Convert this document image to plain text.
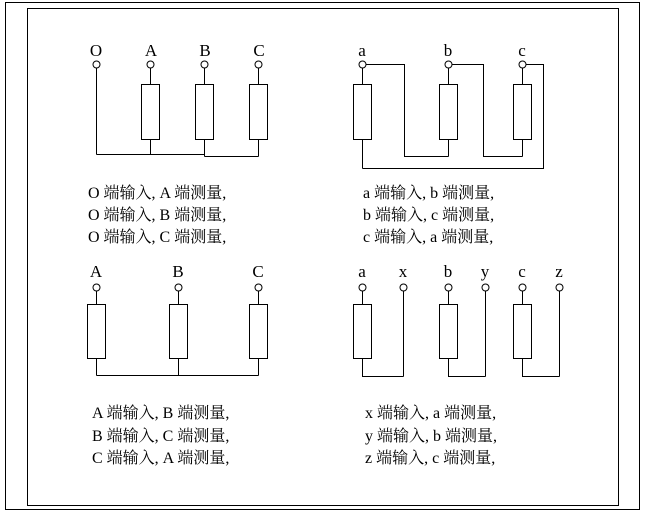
O	A B	C	a	b	c
A	B	C	a x b y c z
O 端输入, A 端测量,
O 端输入, B 端测量,
O 端输入, C 端测量,
a 端输入, b 端测量,
b 端输入, c 端测量,
c 端输入, a 端测量,
A 端输入, B 端测量,
B 端输入, C 端测量,
C 端输入, A 端测量,
x 端输入, a 端测量,
y 端输入, b 端测量,
z 端输入, c 端测量,
